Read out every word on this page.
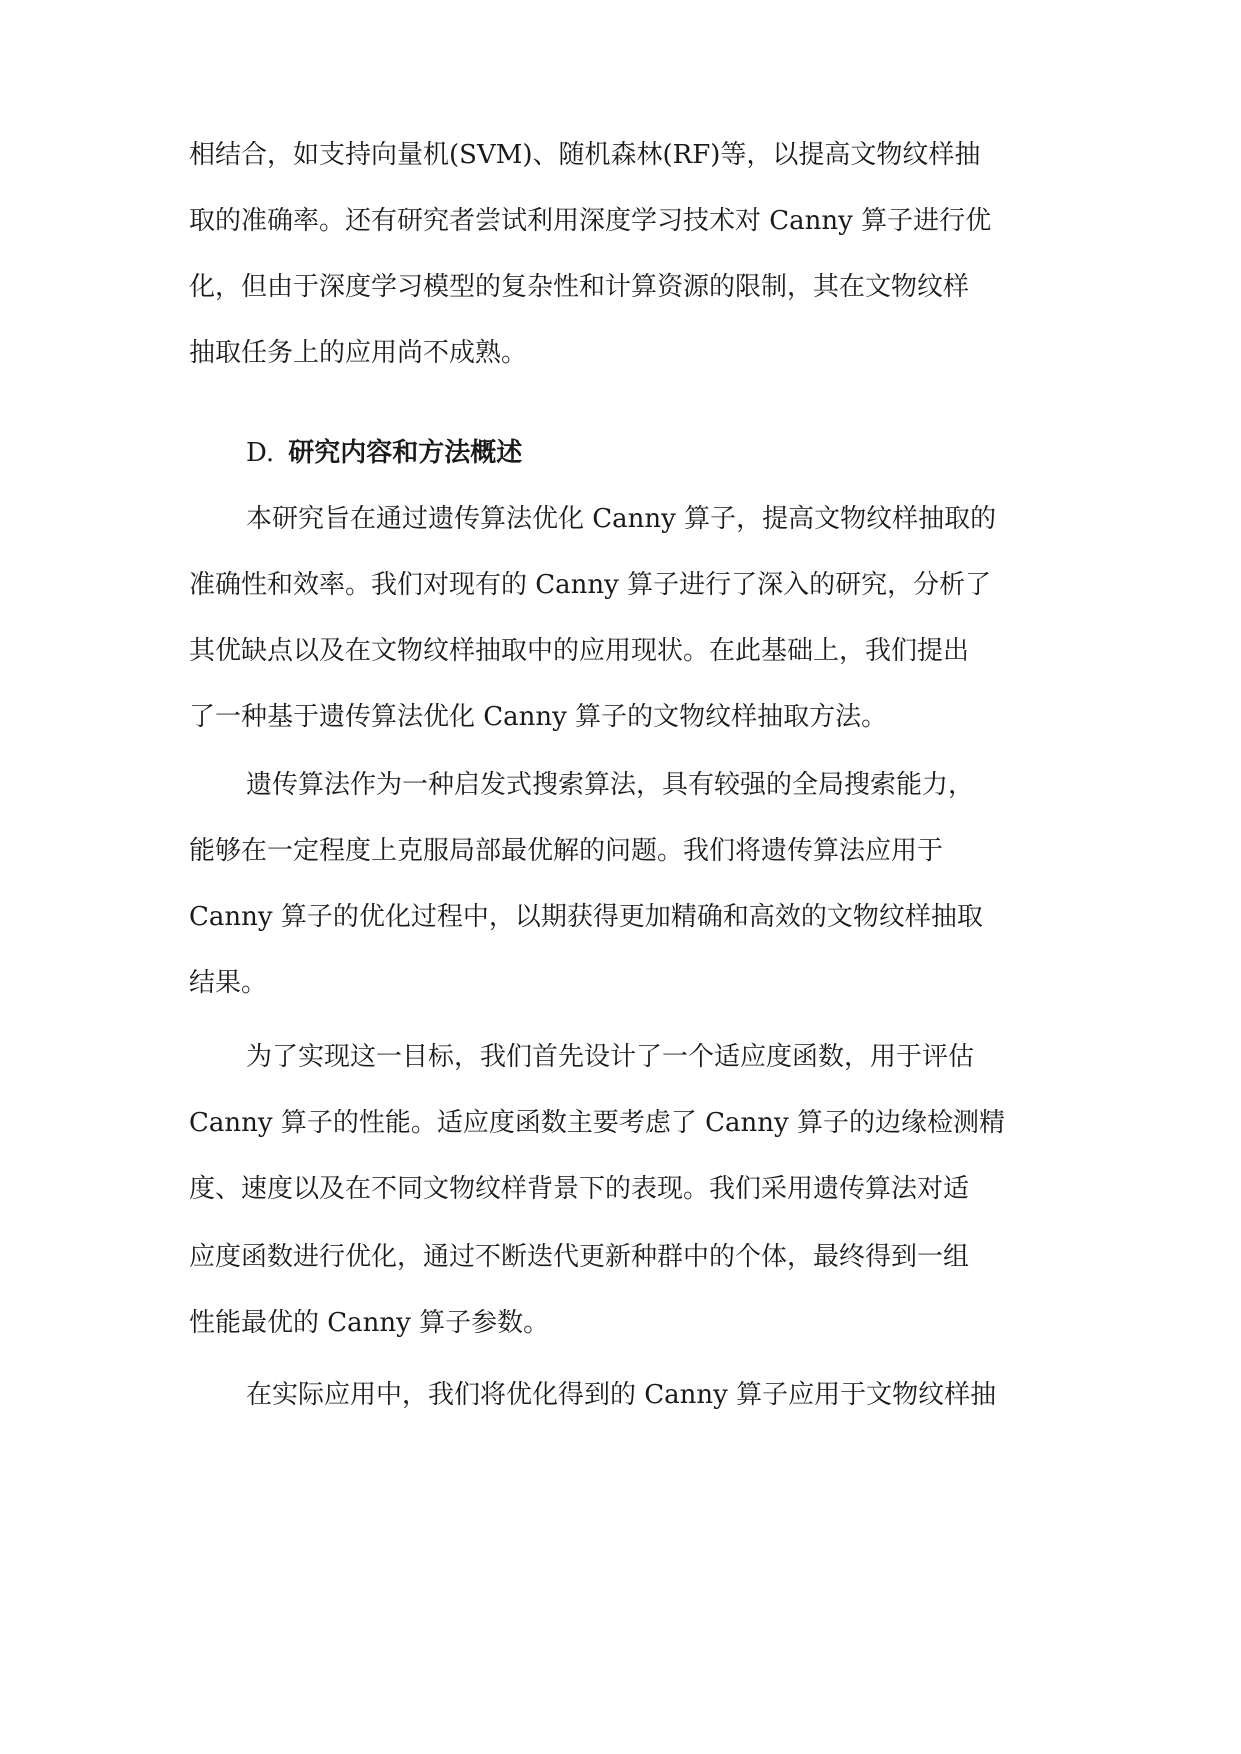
相结合，如支持向量机(SVM)、随机森林(RF)等，以提高文物纹样抽
取的准确率。还有研究者尝试利用深度学习技术对 Canny 算子进行优
化，但由于深度学习模型的复杂性和计算资源的限制，其在文物纹样
抽取任务上的应用尚不成熟。
D. 研究内容和方法概述
本研究旨在通过遗传算法优化 Canny 算子，提高文物纹样抽取的
准确性和效率。我们对现有的 Canny 算子进行了深入的研究，分析了
其优缺点以及在文物纹样抽取中的应用现状。在此基础上，我们提出
了一种基于遗传算法优化 Canny 算子的文物纹样抽取方法。
遗传算法作为一种启发式搜索算法，具有较强的全局搜索能力，
能够在一定程度上克服局部最优解的问题。我们将遗传算法应用于
Canny 算子的优化过程中，以期获得更加精确和高效的文物纹样抽取
结果。
为了实现这一目标，我们首先设计了一个适应度函数，用于评估
Canny 算子的性能。适应度函数主要考虑了 Canny 算子的边缘检测精
度、速度以及在不同文物纹样背景下的表现。我们采用遗传算法对适
应度函数进行优化，通过不断迭代更新种群中的个体，最终得到一组
性能最优的 Canny 算子参数。
在实际应用中，我们将优化得到的 Canny 算子应用于文物纹样抽
